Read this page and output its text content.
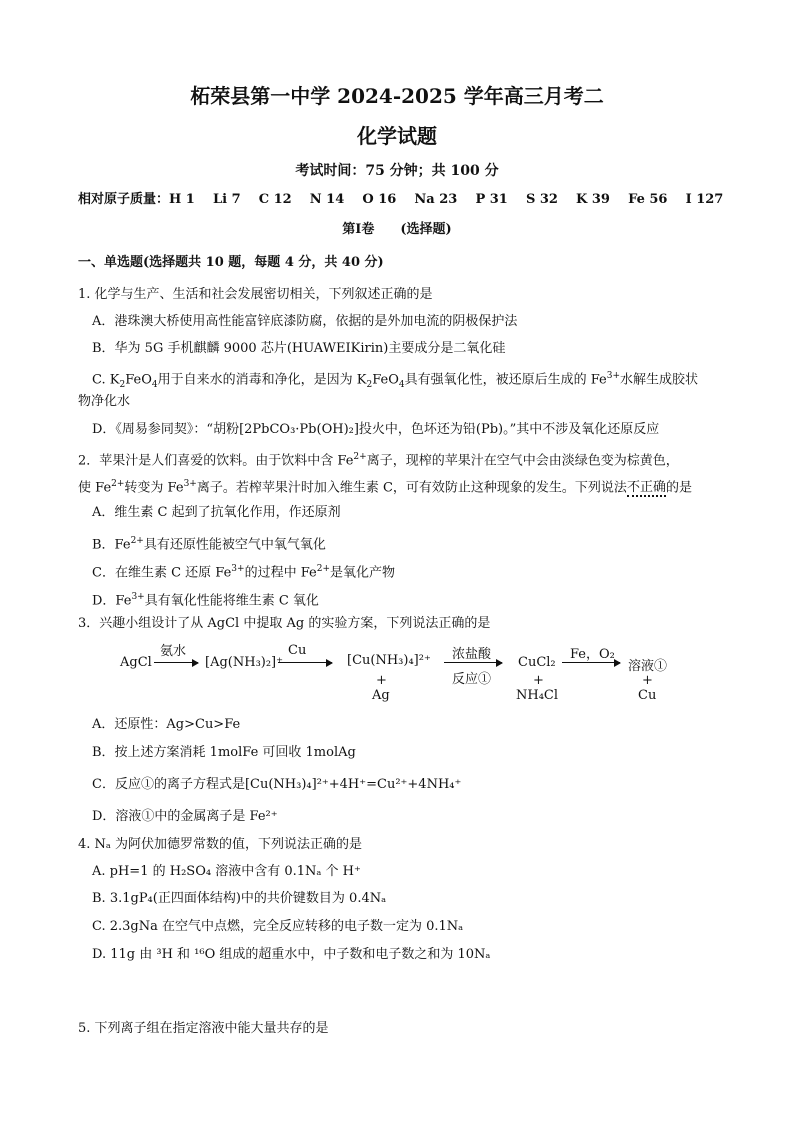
柘荣县第一中学 2024-2025 学年高三月考二
化学试题
考试时间：75 分钟；共 100 分
相对原子质量：H 1    Li 7    C 12    N 14    O 16    Na 23    P 31    S 32    K 39    Fe 56    I 127
第Ⅰ卷　　(选择题)
一、单选题(选择题共 10 题，每题 4 分，共 40 分)
1. 化学与生产、生活和社会发展密切相关，下列叙述正确的是
A．港珠澳大桥使用高性能富锌底漆防腐，依据的是外加电流的阴极保护法
B．华为 5G 手机麒麟 9000 芯片(HUAWEIKirin)主要成分是二氧化硅
C. $K_2FeO_4$用于自来水的消毒和净化，是因为 $K_2FeO_4$具有强氧化性，被还原后生成的 $Fe^{3+}$水解生成胶状
物净化水
D．《周易参同契》：“胡粉[2PbCO₃·Pb(OH)₂]投火中，色坏还为铅(Pb)。”其中不涉及氧化还原反应
2．苹果汁是人们喜爱的饮料。由于饮料中含 $Fe^{2+}$离子，现榨的苹果汁在空气中会由淡绿色变为棕黄色，
使 $Fe^{2+}$转变为 $Fe^{3+}$离子。若榨苹果汁时加入维生素 C，可有效防止这种现象的发生。下列说法不正确的是
A．维生素 C 起到了抗氧化作用，作还原剂
B．$Fe^{2+}$具有还原性能被空气中氧气氧化
C．在维生素 C 还原 $Fe^{3+}$的过程中 $Fe^{2+}$是氧化产物
D．$Fe^{3+}$具有氧化性能将维生素 C 氧化
3．兴趣小组设计了从 AgCl 中提取 Ag 的实验方案，下列说法正确的是
AgCl
氨水
[Ag(NH₃)₂]⁺
Cu
[Cu(NH₃)₄]²⁺
+
Ag
浓盐酸
反应①
CuCl₂
+
NH₄Cl
Fe，O₂
溶液①
+
Cu
A．还原性：Ag>Cu>Fe
B．按上述方案消耗 1molFe 可回收 1molAg
C．反应①的离子方程式是[Cu(NH₃)₄]²⁺+4H⁺=Cu²⁺+4NH₄⁺
D．溶液①中的金属离子是 Fe²⁺
4. Nₐ 为阿伏加德罗常数的值，下列说法正确的是
A. pH=1 的 H₂SO₄ 溶液中含有 0.1Nₐ 个 H⁺
B. 3.1gP₄(正四面体结构)中的共价键数目为 0.4Nₐ
C. 2.3gNa 在空气中点燃，完全反应转移的电子数一定为 0.1Nₐ
D. 11g 由 ³H 和 ¹⁶O 组成的超重水中，中子数和电子数之和为 10Nₐ
5. 下列离子组在指定溶液中能大量共存的是
